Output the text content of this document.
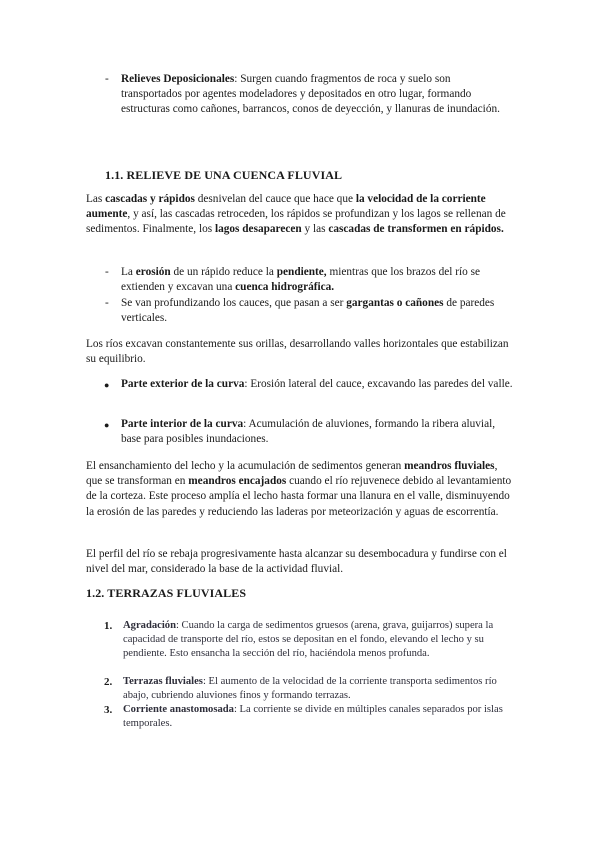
- Relieves Deposicionales: Surgen cuando fragmentos de roca y suelo son transportados por agentes modeladores y depositados en otro lugar, formando estructuras como cañones, barrancos, conos de deyección, y llanuras de inundación.
1.1. RELIEVE DE UNA CUENCA FLUVIAL
Las cascadas y rápidos desnivelan del cauce que hace que la velocidad de la corriente aumente, y así, las cascadas retroceden, los rápidos se profundizan y los lagos se rellenan de sedimentos. Finalmente, los lagos desaparecen y las cascadas de transformen en rápidos.
- La erosión de un rápido reduce la pendiente, mientras que los brazos del río se extienden y excavan una cuenca hidrográfica.
- Se van profundizando los cauces, que pasan a ser gargantas o cañones de paredes verticales.
Los ríos excavan constantemente sus orillas, desarrollando valles horizontales que estabilizan su equilibrio.
● Parte exterior de la curva: Erosión lateral del cauce, excavando las paredes del valle.
● Parte interior de la curva: Acumulación de aluviones, formando la ribera aluvial, base para posibles inundaciones.
El ensanchamiento del lecho y la acumulación de sedimentos generan meandros fluviales, que se transforman en meandros encajados cuando el río rejuvenece debido al levantamiento de la corteza. Este proceso amplía el lecho hasta formar una llanura en el valle, disminuyendo la erosión de las paredes y reduciendo las laderas por meteorización y aguas de escorrentía.
El perfil del río se rebaja progresivamente hasta alcanzar su desembocadura y fundirse con el nivel del mar, considerado la base de la actividad fluvial.
1.2. TERRAZAS FLUVIALES
1. Agradación: Cuando la carga de sedimentos gruesos (arena, grava, guijarros) supera la capacidad de transporte del río, estos se depositan en el fondo, elevando el lecho y su pendiente. Esto ensancha la sección del río, haciéndola menos profunda.
2. Terrazas fluviales: El aumento de la velocidad de la corriente transporta sedimentos río abajo, cubriendo aluviones finos y formando terrazas.
3. Corriente anastomosada: La corriente se divide en múltiples canales separados por islas temporales.
